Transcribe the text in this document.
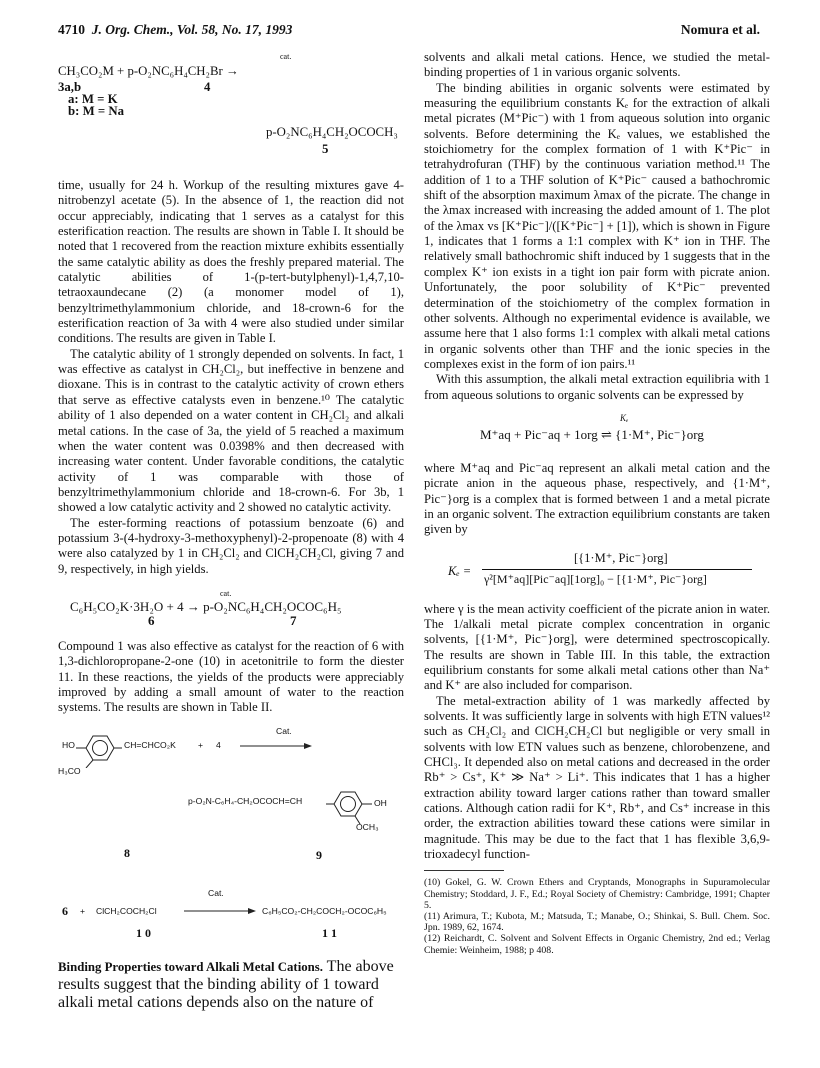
4710 J. Org. Chem., Vol. 58, No. 17, 1993	Nomura et al.
cat.
CH₃CO₂M + p-O₂NC₆H₄CH₂Br →
3a,b	4
a: M = K
b: M = Na
p-O₂NC₆H₄CH₂OCOCH₃
5

time, usually for 24 h. Workup of the resulting mixtures gave 4-nitrobenzyl acetate (5). In the absence of 1, the reaction did not occur appreciably, indicating that 1 serves as a catalyst for this esterification reaction. The results are shown in Table I. It should be noted that 1 recovered from the reaction mixture exhibits essentially the same catalytic ability as does the freshly prepared material. The catalytic abilities of 1-(p-tert-butylphenyl)-1,4,7,10-tetraoxaundecane (2) (a monomer model of 1), benzyltrimethylammonium chloride, and 18-crown-6 for the esterification reaction of 3a with 4 were also studied under similar conditions. The results are given in Table I.

The catalytic ability of 1 strongly depended on solvents. In fact, 1 was effective as catalyst in CH₂Cl₂, but ineffective in benzene and dioxane. This is in contrast to the catalytic activity of crown ethers that serve as effective catalysts even in benzene.¹⁰ The catalytic ability of 1 also depended on a water content in CH₂Cl₂ and alkali metal cations. In the case of 3a, the yield of 5 reached a maximum when the water content was 0.0398% and then decreased with increasing water content. Under favorable conditions, the catalytic activity of 1 was comparable with those of benzyltrimethylammonium chloride and 18-crown-6. For 3b, 1 showed a low catalytic activity and 2 showed no catalytic activity.

The ester-forming reactions of potassium benzoate (6) and potassium 3-(4-hydroxy-3-methoxyphenyl)-2-propenoate (8) with 4 were also catalyzed by 1 in CH₂Cl₂ and ClCH₂CH₂Cl, giving 7 and 9, respectively, in high yields.

cat.
C₆H₅CO₂K·3H₂O + 4 → p-O₂NC₆H₄CH₂OCOC₆H₅
6	7

Compound 1 was also effective as catalyst for the reaction of 6 with 1,3-dichloropropane-2-one (10) in acetonitrile to form the diester 11. In these reactions, the yields of the products were appreciably improved by adding a small amount of water to the reaction systems. The results are shown in Table II.

HO	CH=CHCO₂K	+ 4
Cat.
H₃CO
p-O₂N-C₆H₄-CH₂OCOCH=CH	OH
OCH₃
8	9
Cat.
6 + ClCH₂COCH₂Cl	C₆H₅CO₂-CH₂COCH₂-OCOC₆H₅
1 0	1 1

Binding Properties toward Alkali Metal Cations. The above results suggest that the binding ability of 1 toward alkali metal cations depends also on the nature of

solvents and alkali metal cations. Hence, we studied the metal-binding properties of 1 in various organic solvents.

The binding abilities in organic solvents were estimated by measuring the equilibrium constants Kₑ for the extraction of alkali metal picrates (M⁺Pic⁻) with 1 from aqueous solution into organic solvents. Before determining the Kₑ values, we established the stoichiometry for the complex formation of 1 with K⁺Pic⁻ in tetrahydrofuran (THF) by the continuous variation method.¹¹ The addition of 1 to a THF solution of K⁺Pic⁻ caused a bathochromic shift of the absorption maximum λmax of the picrate. The change in the λmax increased with increasing the added amount of 1. The plot of the λmax vs [K⁺Pic⁻]/([K⁺Pic⁻] + [1]), which is shown in Figure 1, indicates that 1 forms a 1:1 complex with K⁺ ion in THF. The relatively small bathochromic shift induced by 1 suggests that in the complex K⁺ ion exists in a tight ion pair form with picrate anion. Unfortunately, the poor solubility of K⁺Pic⁻ prevented determination of the stoichiometry of the complex formation in other solvents. Although no experimental evidence is available, we assume here that 1 also forms 1:1 complex with alkali metal cations in organic solvents other than THF and the ionic species in the complexes exist in the form of ion pairs.¹¹

With this assumption, the alkali metal extraction equilibria with 1 from aqueous solutions to organic solvents can be expressed by

Kₑ
M⁺aq + Pic⁻aq + 1org ⇌ {1·M⁺, Pic⁻}org

where M⁺aq and Pic⁻aq represent an alkali metal cation and the picrate anion in the aqueous phase, respectively, and {1·M⁺, Pic⁻}org is a complex that is formed between 1 and a metal picrate in an organic solvent. The extraction equilibrium constants are taken given by

Kₑ =
[{1·M⁺, Pic⁻}org]
γ²[M⁺aq][Pic⁻aq][1org]₀ − [{1·M⁺, Pic⁻}org]

where γ is the mean activity coefficient of the picrate anion in water. The 1/alkali metal picrate complex concentration in organic solvents, [{1·M⁺, Pic⁻}org], were determined spectroscopically. The results are shown in Table III. In this table, the extraction equilibrium constants for some alkali metal cations other than Na⁺ and K⁺ are also included for comparison.

The metal-extraction ability of 1 was markedly affected by solvents. It was sufficiently large in solvents with high ETN values¹² such as CH₂Cl₂ and ClCH₂CH₂Cl but negligible or very small in solvents with low ETN values such as benzene, chlorobenzene, and CHCl₃. It depended also on metal cations and decreased in the order Rb⁺ > Cs⁺, K⁺ ≫ Na⁺ > Li⁺. This indicates that 1 has a higher extraction ability toward larger cations rather than toward smaller cations. Although cation radii for K⁺, Rb⁺, and Cs⁺ increase in this order, the extraction abilities toward these cations were similar in magnitude. This may be due to the fact that 1 has flexible 3,6,9-trioxadecyl function-

(10) Gokel, G. W. Crown Ethers and Cryptands, Monographs in Supuramolecular Chemistry; Stoddard, J. F., Ed.; Royal Society of Chemistry: Cambridge, 1991; Chapter 5.

(11) Arimura, T.; Kubota, M.; Matsuda, T.; Manabe, O.; Shinkai, S. Bull. Chem. Soc. Jpn. 1989, 62, 1674.

(12) Reichardt, C. Solvent and Solvent Effects in Organic Chemistry, 2nd ed.; Verlag Chemie: Weinheim, 1988; p 408.
